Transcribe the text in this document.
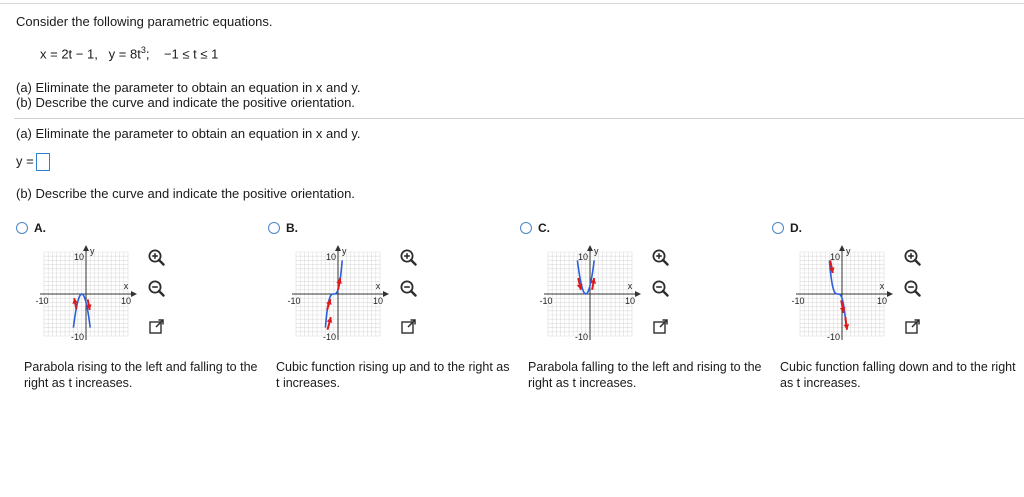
Consider the following parametric equations.
x = 2t − 1, $y = 8t^3$; −1 ≤ t ≤ 1
(a) Eliminate the parameter to obtain an equation in x and y.
(b) Describe the curve and indicate the positive orientation.
(a) Eliminate the parameter to obtain an equation in x and y.
y =
(b) Describe the curve and indicate the positive orientation.
A.	B.	C.	D.
y
x
10
-10
-10	10
y
x
10
-10
-10	10
y
x
10
-10
-10	10
y
x
10
-10
-10	10
Parabola rising to the left and falling to the right as t increases.
Cubic function rising up and to the right as t increases.
Parabola falling to the left and rising to the right as t increases.
Cubic function falling down and to the right as t increases.
